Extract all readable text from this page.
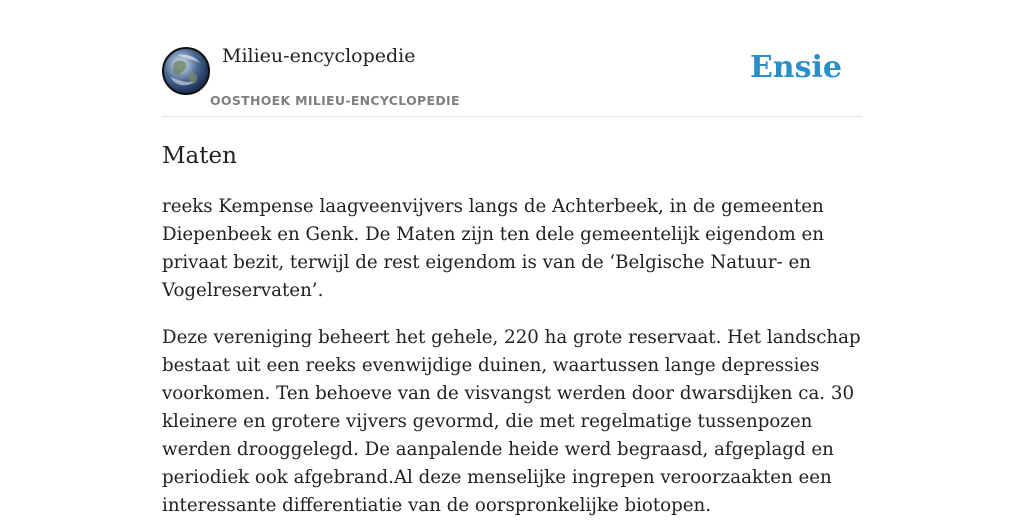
Milieu-encyclopedie
OOSTHOEK MILIEU-ENCYCLOPEDIE
Ensie
Maten

reeks Kempense laagveenvijvers langs de Achterbeek, in de gemeenten Diepenbeek en Genk. De Maten zijn ten dele gemeentelijk eigendom en privaat bezit, terwijl de rest eigendom is van de ‘Belgische Natuur- en Vogelreservaten’.

Deze vereniging beheert het gehele, 220 ha grote reservaat. Het landschap bestaat uit een reeks evenwijdige duinen, waartussen lange depressies voorkomen. Ten behoeve van de visvangst werden door dwarsdijken ca. 30 kleinere en grotere vijvers gevormd, die met regelmatige tussenpozen werden drooggelegd. De aanpalende heide werd begraasd, afgeplagd en periodiek ook afgebrand.Al deze menselijke ingrepen veroorzaakten een interessante differentiatie van de oorspronkelijke biotopen.
